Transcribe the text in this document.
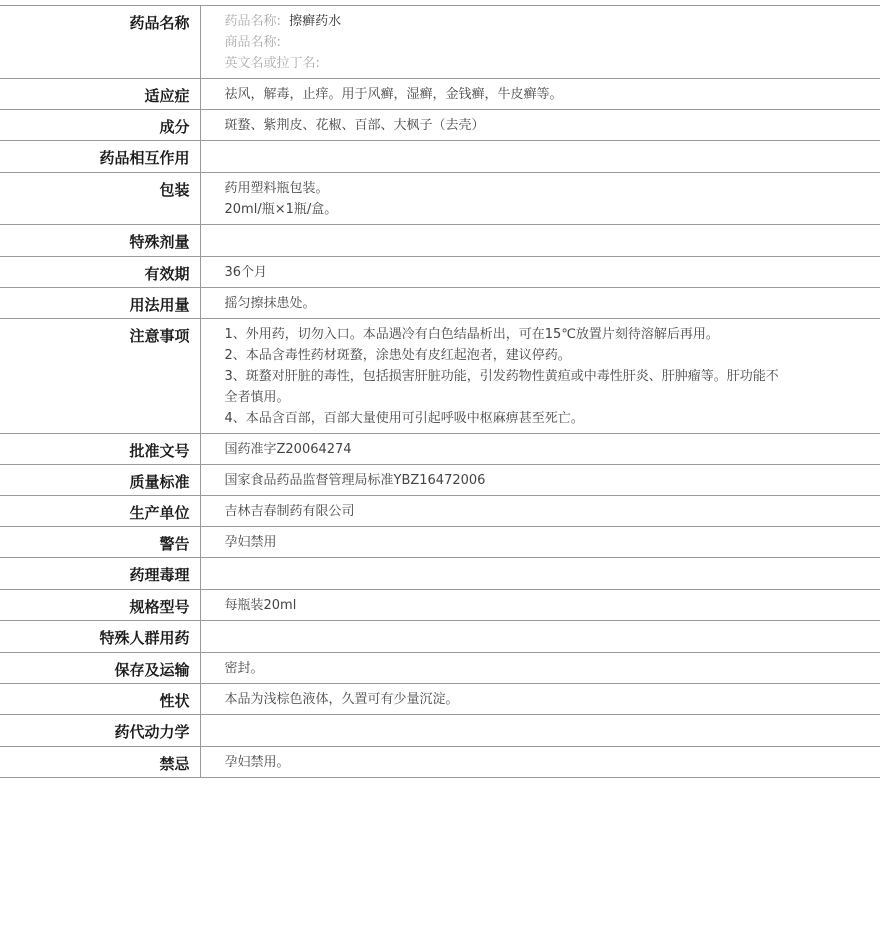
药品名称	药品名称: 擦癣药水
商品名称:
英文名或拉丁名:

适应症	祛风，解毒，止痒。用于风癣，湿癣，金钱癣，牛皮癣等。
成分	斑蝥、紫荆皮、花椒、百部、大枫子（去壳）
药品相互作用	
包装	药用塑料瓶包装。
20ml/瓶×1瓶/盒。

特殊剂量	
有效期	36个月
用法用量	摇匀擦抹患处。
注意事项	1、外用药，切勿入口。本品遇冷有白色结晶析出，可在15℃放置片刻待溶解后再用。
2、本品含毒性药材斑蝥，涂患处有皮红起泡者，建议停药。
3、斑蝥对肝脏的毒性，包括损害肝脏功能，引发药物性黄疸或中毒性肝炎、肝肿瘤等。肝功能不全者慎用。
4、本品含百部，百部大量使用可引起呼吸中枢麻痹甚至死亡。

批准文号	国药准字Z20064274
质量标准	国家食品药品监督管理局标准YBZ16472006
生产单位	吉林吉春制药有限公司
警告	孕妇禁用
药理毒理	
规格型号	每瓶装20ml
特殊人群用药	
保存及运输	密封。
性状	本品为浅棕色液体，久置可有少量沉淀。
药代动力学	
禁忌	孕妇禁用。
